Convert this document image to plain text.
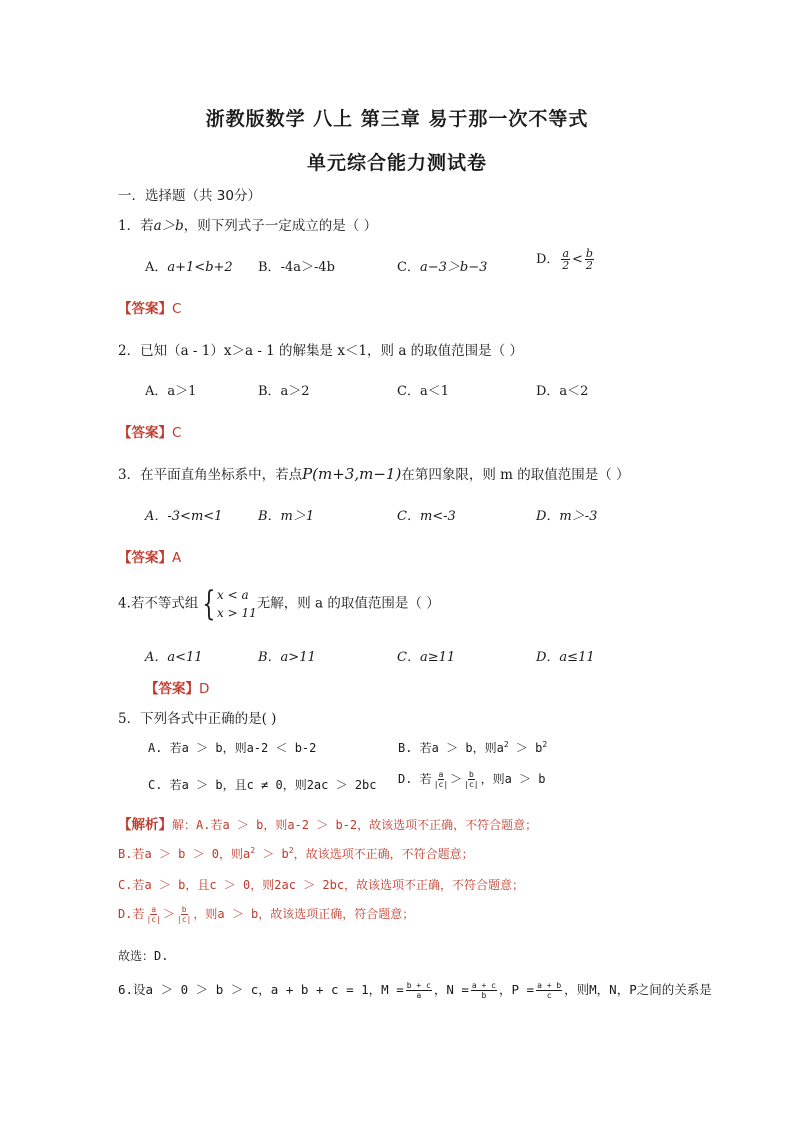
浙教版数学 八上 第三章 易于那一次不等式
单元综合能力测试卷
一．选择题（共 30分）
1．若a＞b，则下列式子一定成立的是（ ）
A．a+1<b+2 B．-4a＞-4b	C．a−3＞b−3
D． $\frac{a}{2} < \frac{b}{2}$
【答案】C
2．已知（a - 1）x＞a - 1 的解集是 x＜1，则 a 的取值范围是（ ）
A．a＞1	B．a＞2	C．a＜1	D．a＜2
【答案】C
3．在平面直角坐标系中，若点P(m+3,m−1)在第四象限，则 m 的取值范围是（ ）
A．-3<m<1	B．m＞1	C．m<-3	D．m＞-3
【答案】A
4.若不等式组 { x < a
x > 11
无解，则 a 的取值范围是（ ）
A．a<11	B．a>11	C．a≥11	D．a≤11
【答案】D
5．下列各式中正确的是( )
A. 若a ＞ b，则a-2 ＜ b-2	B. 若a ＞ b，则$a^2 > b^2$
C. 若a ＞ b，且c ≠ 0，则2ac ＞ 2bc D. 若 $\frac{a}{|c|} > \frac{b}{|c|}$ ，则a ＞ b
【解析】解：A.若a ＞ b，则a-2 ＞ b-2，故该选项不正确，不符合题意；
B.若a ＞ b ＞ 0，则$a^2 > b^2$，故该选项不正确，不符合题意；
C.若a ＞ b，且c ＞ 0，则2ac ＞ 2bc，故该选项不正确，不符合题意；
D.若 $\frac{a}{|c|} > \frac{b}{|c|}$ ，则a ＞ b，故该选项正确，符合题意；
故选：D.
6.设a ＞ 0 ＞ b ＞ c，a + b + c = 1，$M = \frac{b + c}{a}$ ，$N = \frac{a + c}{b}$ ，$P = \frac{a + b}{c}$ ，则M，N，P之间的关系是
